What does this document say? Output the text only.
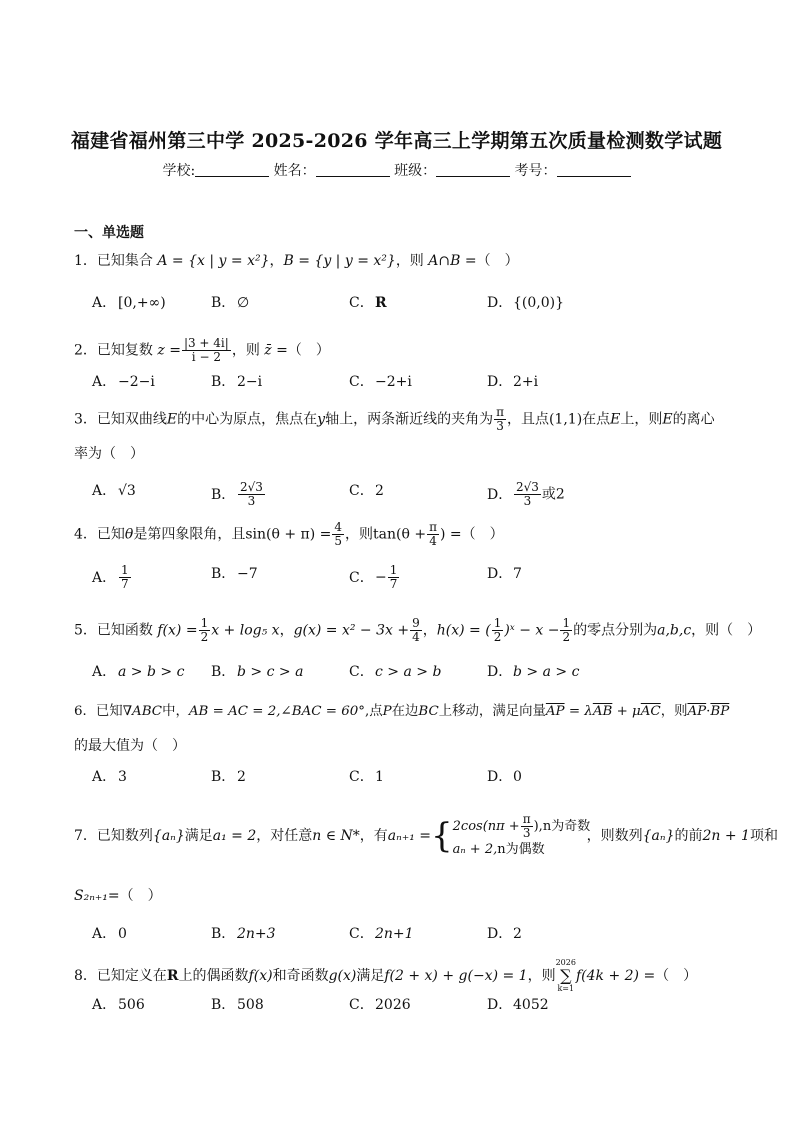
福建省福州第三中学 2025-2026 学年高三上学期第五次质量检测数学试题
学校:	姓名：	班级：	考号：
一、单选题
1．已知集合 A = {x | y = x²}，B = {y | y = x²}，则 A∩B =（　）
A． [0,+∞)	B． ∅	C．R	D．{(0,0)}
2．已知复数 $z = \frac{|3 + 4i|}{i - 2}$ ，则 z̄ =（　）
A． −2−i	B． 2−i	C．−2+i	D．2+i
3．已知双曲线E的中心为原点，焦点在y轴上，两条渐近线的夹角为 $\frac{\pi}{3}$ ，且点(1,1)在点E上，则E的离心
率为（　）
A． √3	B． $\frac{2√3}{3}$	C．2	D． $\frac{2√3}{3}$ 或2
4．已知θ是第四象限角，且$\sin(\theta + \pi) = \frac{4}{5}$ ，则$\tan(\theta + \frac{\pi}{4}$ ) =（　）
A． $\frac{1}{7}$	B． −7	C．− $\frac{1}{7}$	D．7
5．已知函数 $f(x) = \frac{1}{2}$ x + log₅ x，$g(x) = x^2 - 3x + \frac{9}{4}$ ，h(x) = ( $\frac{1}{2}$ )ˣ − $x - \frac{1}{2}$ 的零点分别为a,b,c，则（　）
A． a > b > c B． b > c > a	C．c > a > b	D．b > a > c
6．已知∇ABC中，AB = AC = 2,∠BAC = 60°,点P在边BC上移动，满足向量$\overline{AP} = \lambda\overline{AB} + \mu\overline{AC}$，则$\overline{AP}\cdot\overline{BP}$
的最大值为（　）
A． 3	B． 2	C．1	D．0
7．已知数列{aₙ}满足a₁ = 2，对任意n ∈ N*，有aₙ₊₁ ={ $2\cos(n\pi + \frac{\pi}{3} ),n$为奇数
aₙ + 2,n为偶数
，则数列{aₙ}的前2n + 1项和
S₂ₙ₊₁=（　）
A． 0	B． 2n+3	C．2n+1	D．2
8．已知定义在R上的偶函数f(x)和奇函数g(x)满足f(2 + x) + g(−x) = 1，则
2026
∑
k=1
f(4k + 2) =（　）
A． 506	B． 508	C．2026	D．4052
